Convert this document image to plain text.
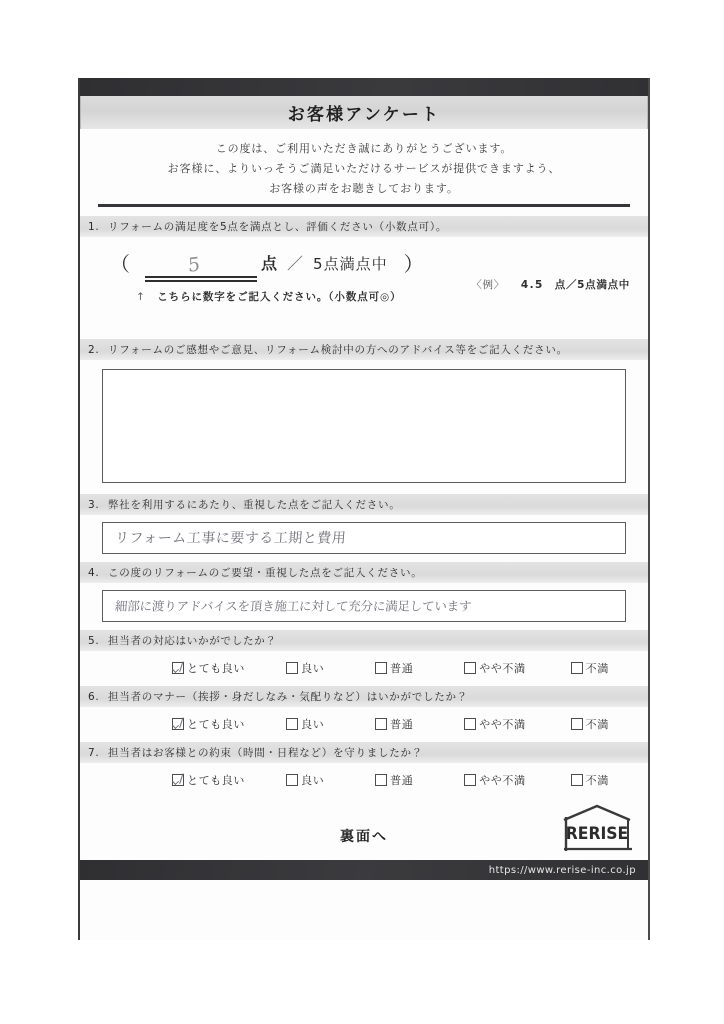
お客様アンケート

この度は、ご利用いただき誠にありがとうございます。

お客様に、よりいっそうご満足いただけるサービスが提供できますよう、

お客様の声をお聴きしております。

1. リフォームの満足度を5点を満点とし、評価ください（小数点可）。
（	5	点 ／ 5点満点中 ）
↑ こちらに数字をご記入ください。（小数点可◎）
〈例〉 4.5 点／5点満点中
2. リフォームのご感想やご意見、リフォーム検討中の方へのアドバイス等をご記入ください。
3. 弊社を利用するにあたり、重視した点をご記入ください。
リフォーム工事に要する工期と費用
4. この度のリフォームのご要望・重視した点をご記入ください。
細部に渡りアドバイスを頂き施工に対して充分に満足しています
5. 担当者の対応はいかがでしたか？
とても良い	良い	普通	やや不満	不満
6. 担当者のマナー（挨拶・身だしなみ・気配りなど）はいかがでしたか？
とても良い	良い	普通	やや不満	不満
7. 担当者はお客様との約束（時間・日程など）を守りましたか？
とても良い	良い	普通	やや不満	不満
裏面へ	RERISE
https://www.rerise-inc.co.jp
